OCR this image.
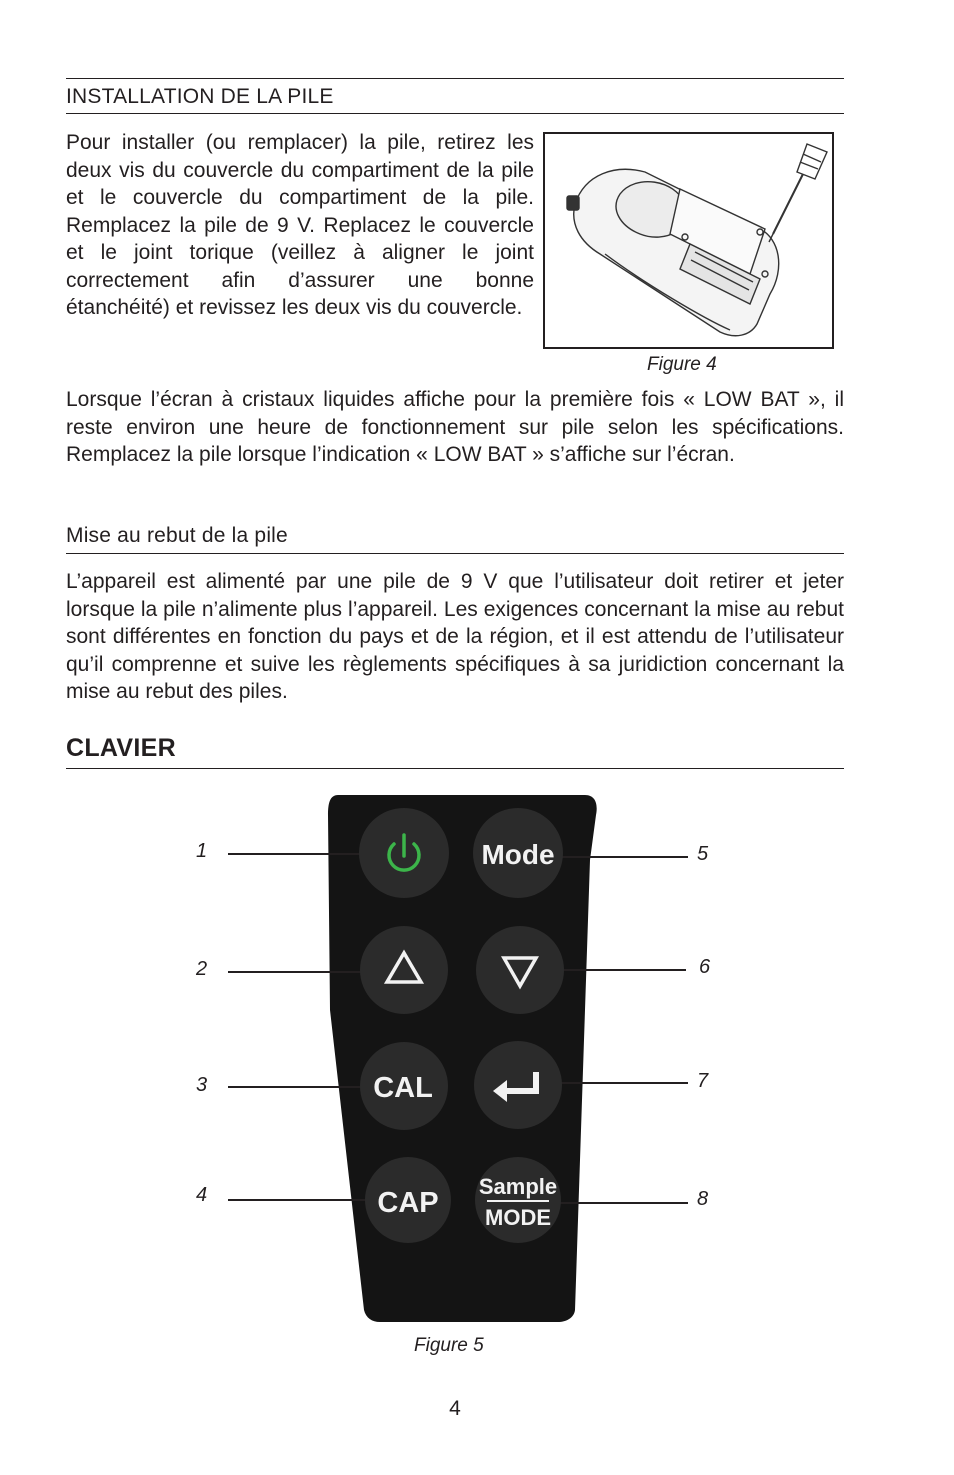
INSTALLATION DE LA PILE

Pour installer (ou remplacer) la pile, retirez les deux vis du couvercle du compartiment de la pile et le couvercle du compartiment de la pile. Remplacez la pile de 9 V. Replacez le couvercle et le joint torique (veillez à aligner le joint correctement afin d’assurer une bonne étanchéité) et revissez les deux vis du couvercle.

Figure 4

Lorsque l’écran à cristaux liquides affiche pour la première fois « LOW BAT », il reste environ une heure de fonctionnement sur pile selon les spécifications. Remplacez la pile lorsque l’indication « LOW BAT » s’affiche sur l’écran.

Mise au rebut de la pile

L’appareil est alimenté par une pile de 9 V que l’utilisateur doit retirer et jeter lorsque la pile n’alimente plus l’appareil. Les exigences concernant la mise au rebut sont différentes en fonction du pays et de la région, et il est attendu de l’utilisateur qu’il comprenne et suive les règlements spécifiques à sa juridiction concernant la mise au rebut des piles.

CLAVIER
Mode
CAL
CAP
Sample
MODE
1
2
3
4
5
6
7
8
Figure 5
4
